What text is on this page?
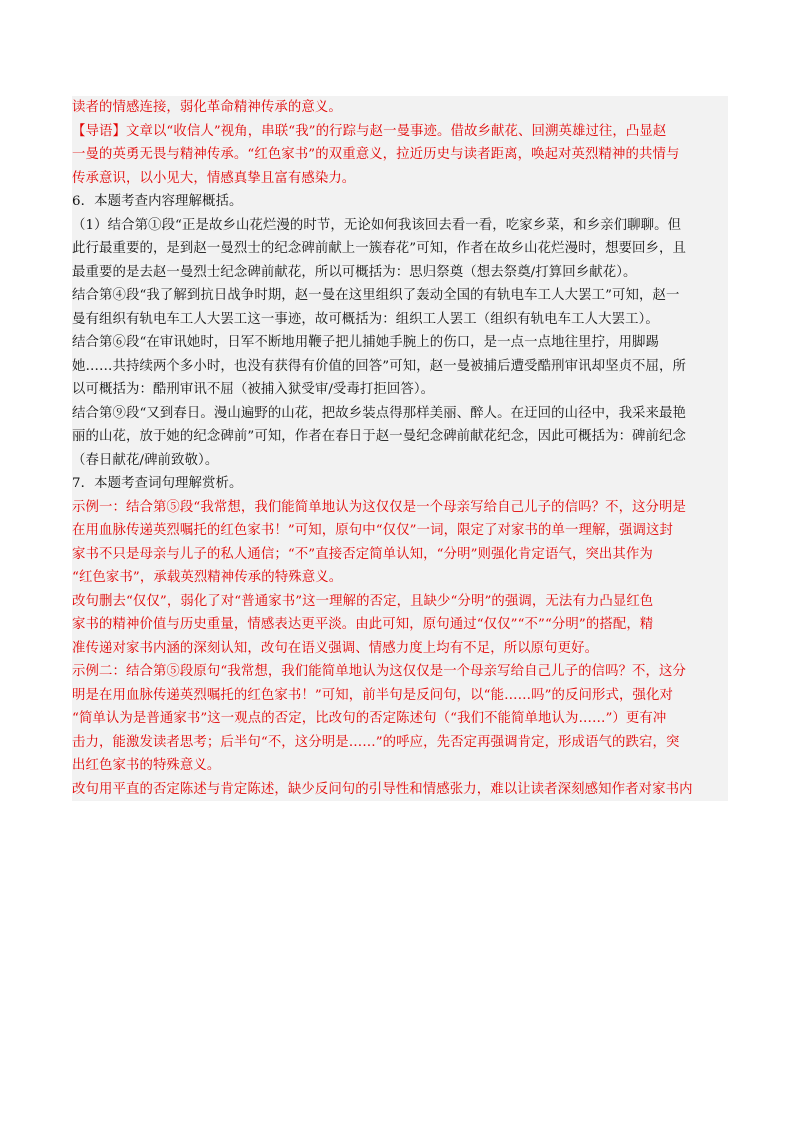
读者的情感连接，弱化革命精神传承的意义。
【导语】文章以“收信人”视角，串联“我”的行踪与赵一曼事迹。借故乡献花、回溯英雄过往，凸显赵
一曼的英勇无畏与精神传承。“红色家书”的双重意义，拉近历史与读者距离，唤起对英烈精神的共情与
传承意识，以小见大，情感真挚且富有感染力。
6．本题考查内容理解概括。
（1）结合第①段“正是故乡山花烂漫的时节，无论如何我该回去看一看，吃家乡菜，和乡亲们聊聊。但
此行最重要的，是到赵一曼烈士的纪念碑前献上一簇春花”可知，作者在故乡山花烂漫时，想要回乡，且
最重要的是去赵一曼烈士纪念碑前献花，所以可概括为：思归祭奠（想去祭奠/打算回乡献花）。
结合第④段“我了解到抗日战争时期，赵一曼在这里组织了轰动全国的有轨电车工人大罢工”可知，赵一
曼有组织有轨电车工人大罢工这一事迹，故可概括为：组织工人罢工（组织有轨电车工人大罢工）。
结合第⑥段“在审讯她时，日军不断地用鞭子把儿捕她手腕上的伤口，是一点一点地往里拧，用脚踢
她……共持续两个多小时，也没有获得有价值的回答”可知，赵一曼被捕后遭受酷刑审讯却坚贞不屈，所
以可概括为：酷刑审讯不屈（被捕入狱受审/受毒打拒回答）。
结合第⑨段“又到春日。漫山遍野的山花，把故乡装点得那样美丽、醉人。在迂回的山径中，我采来最艳
丽的山花，放于她的纪念碑前”可知，作者在春日于赵一曼纪念碑前献花纪念，因此可概括为：碑前纪念
（春日献花/碑前致敬）。
7．本题考查词句理解赏析。
示例一：结合第⑤段“我常想，我们能简单地认为这仅仅是一个母亲写给自己儿子的信吗？不，这分明是
在用血脉传递英烈嘱托的红色家书！”可知，原句中“仅仅”一词，限定了对家书的单一理解，强调这封
家书不只是母亲与儿子的私人通信；“不”直接否定简单认知，“分明”则强化肯定语气，突出其作为
“红色家书”，承载英烈精神传承的特殊意义。
改句删去“仅仅”，弱化了对“普通家书”这一理解的否定，且缺少“分明”的强调，无法有力凸显红色
家书的精神价值与历史重量，情感表达更平淡。由此可知，原句通过“仅仅”“不”“分明”的搭配，精
准传递对家书内涵的深刻认知，改句在语义强调、情感力度上均有不足，所以原句更好。
示例二：结合第⑤段原句“我常想，我们能简单地认为这仅仅是一个母亲写给自己儿子的信吗？不，这分
明是在用血脉传递英烈嘱托的红色家书！”可知，前半句是反问句，以“能……吗”的反问形式，强化对
“简单认为是普通家书”这一观点的否定，比改句的否定陈述句（“我们不能简单地认为……”）更有冲
击力，能激发读者思考；后半句“不，这分明是……”的呼应，先否定再强调肯定，形成语气的跌宕，突
出红色家书的特殊意义。
改句用平直的否定陈述与肯定陈述，缺少反问句的引导性和情感张力，难以让读者深刻感知作者对家书内
